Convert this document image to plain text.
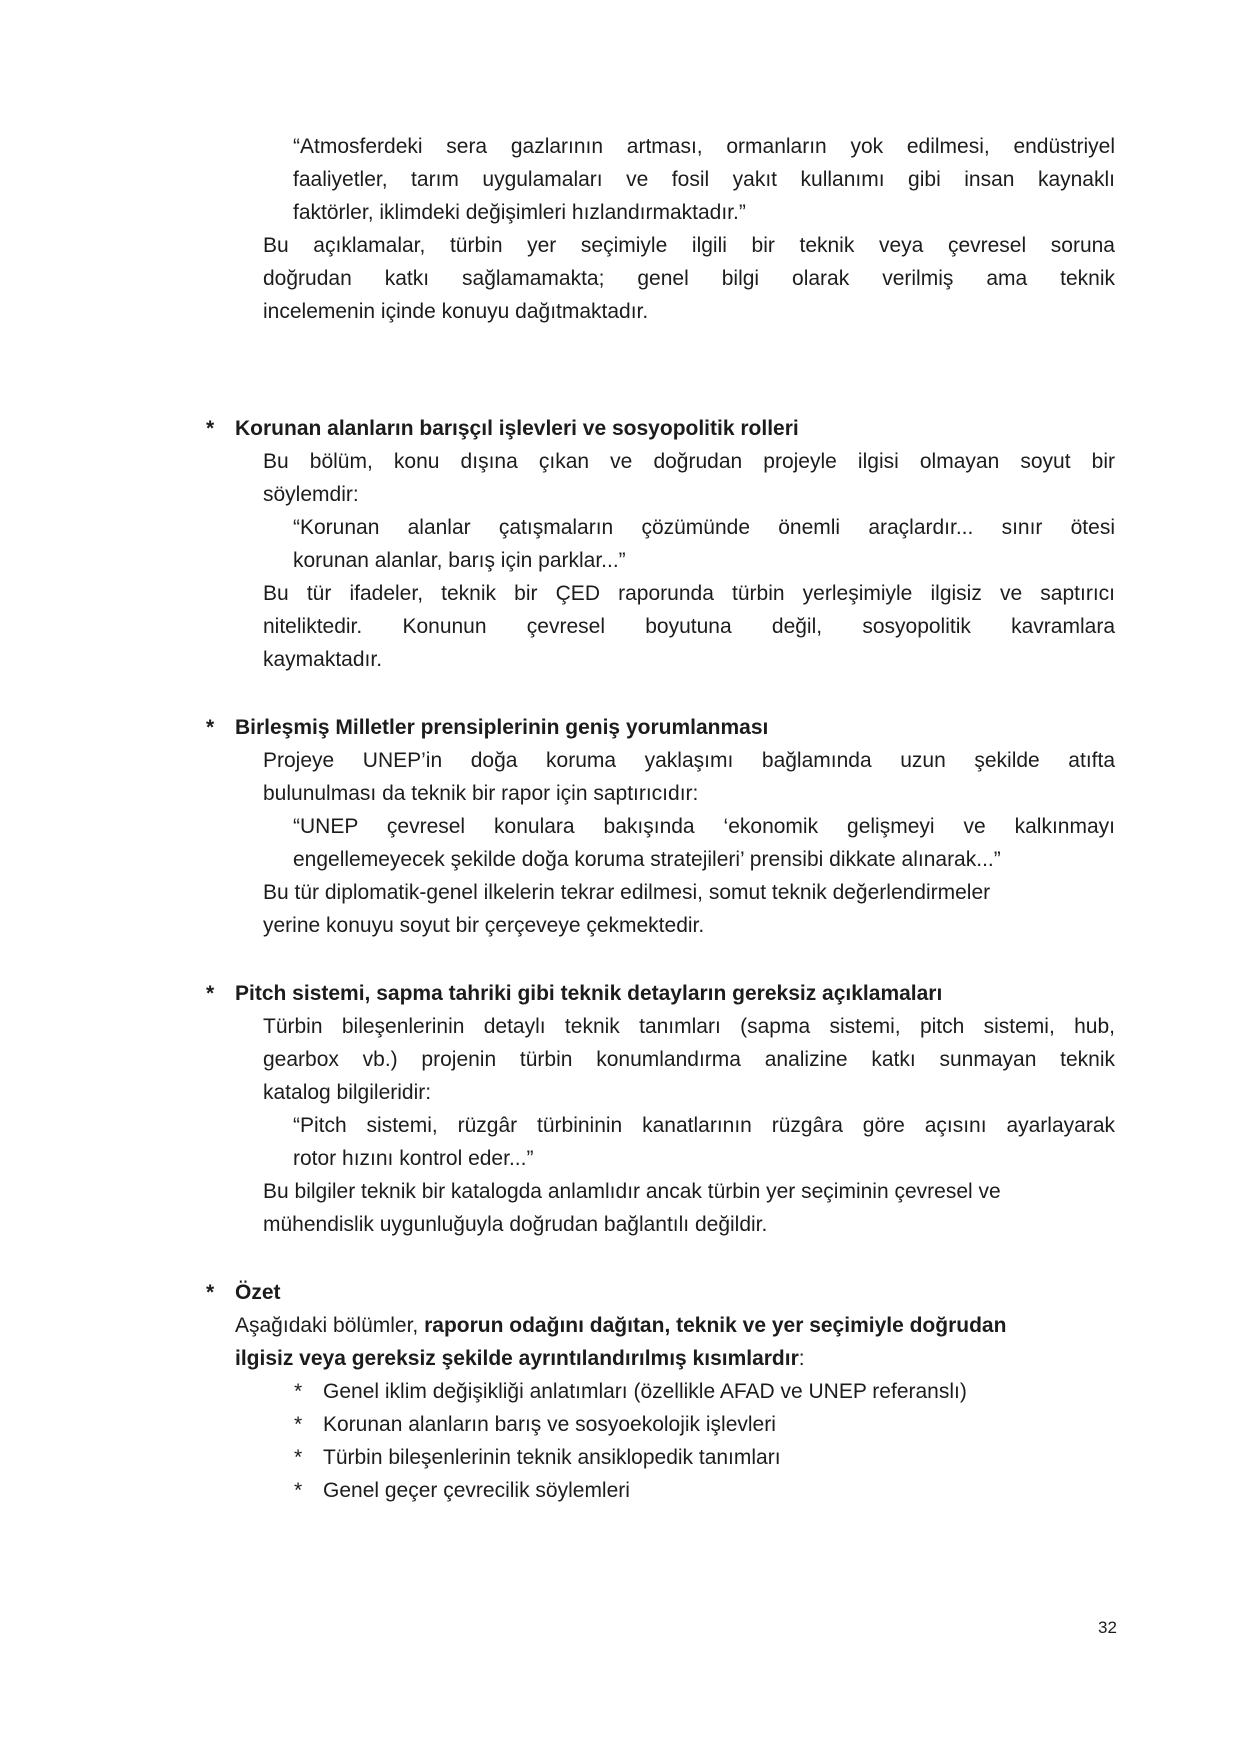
“Atmosferdeki sera gazlarının artması, ormanların yok edilmesi, endüstriyel
faaliyetler, tarım uygulamaları ve fosil yakıt kullanımı gibi insan kaynaklı
faktörler, iklimdeki değişimleri hızlandırmaktadır.”
Bu açıklamalar, türbin yer seçimiyle ilgili bir teknik veya çevresel soruna
doğrudan katkı sağlamamakta; genel bilgi olarak verilmiş ama teknik
incelemenin içinde konuyu dağıtmaktadır.
* Korunan alanların barışçıl işlevleri ve sosyopolitik rolleri
Bu bölüm, konu dışına çıkan ve doğrudan projeyle ilgisi olmayan soyut bir
söylemdir:
“Korunan alanlar çatışmaların çözümünde önemli araçlardır... sınır ötesi
korunan alanlar, barış için parklar...”
Bu tür ifadeler, teknik bir ÇED raporunda türbin yerleşimiyle ilgisiz ve saptırıcı
niteliktedir. Konunun çevresel boyutuna değil, sosyopolitik kavramlara
kaymaktadır.
* Birleşmiş Milletler prensiplerinin geniş yorumlanması
Projeye UNEP’in doğa koruma yaklaşımı bağlamında uzun şekilde atıfta
bulunulması da teknik bir rapor için saptırıcıdır:
“UNEP çevresel konulara bakışında ‘ekonomik gelişmeyi ve kalkınmayı
engellemeyecek şekilde doğa koruma stratejileri’ prensibi dikkate alınarak...”
Bu tür diplomatik-genel ilkelerin tekrar edilmesi, somut teknik değerlendirmeler
yerine konuyu soyut bir çerçeveye çekmektedir.
* Pitch sistemi, sapma tahriki gibi teknik detayların gereksiz açıklamaları
Türbin bileşenlerinin detaylı teknik tanımları (sapma sistemi, pitch sistemi, hub,
gearbox vb.) projenin türbin konumlandırma analizine katkı sunmayan teknik
katalog bilgileridir:
“Pitch sistemi, rüzgâr türbininin kanatlarının rüzgâra göre açısını ayarlayarak
rotor hızını kontrol eder...”
Bu bilgiler teknik bir katalogda anlamlıdır ancak türbin yer seçiminin çevresel ve
mühendislik uygunluğuyla doğrudan bağlantılı değildir.
* Özet
Aşağıdaki bölümler, raporun odağını dağıtan, teknik ve yer seçimiyle doğrudan
ilgisiz veya gereksiz şekilde ayrıntılandırılmış kısımlardır:
* Genel iklim değişikliği anlatımları (özellikle AFAD ve UNEP referanslı)
* Korunan alanların barış ve sosyoekolojik işlevleri
* Türbin bileşenlerinin teknik ansiklopedik tanımları
* Genel geçer çevrecilik söylemleri
32
